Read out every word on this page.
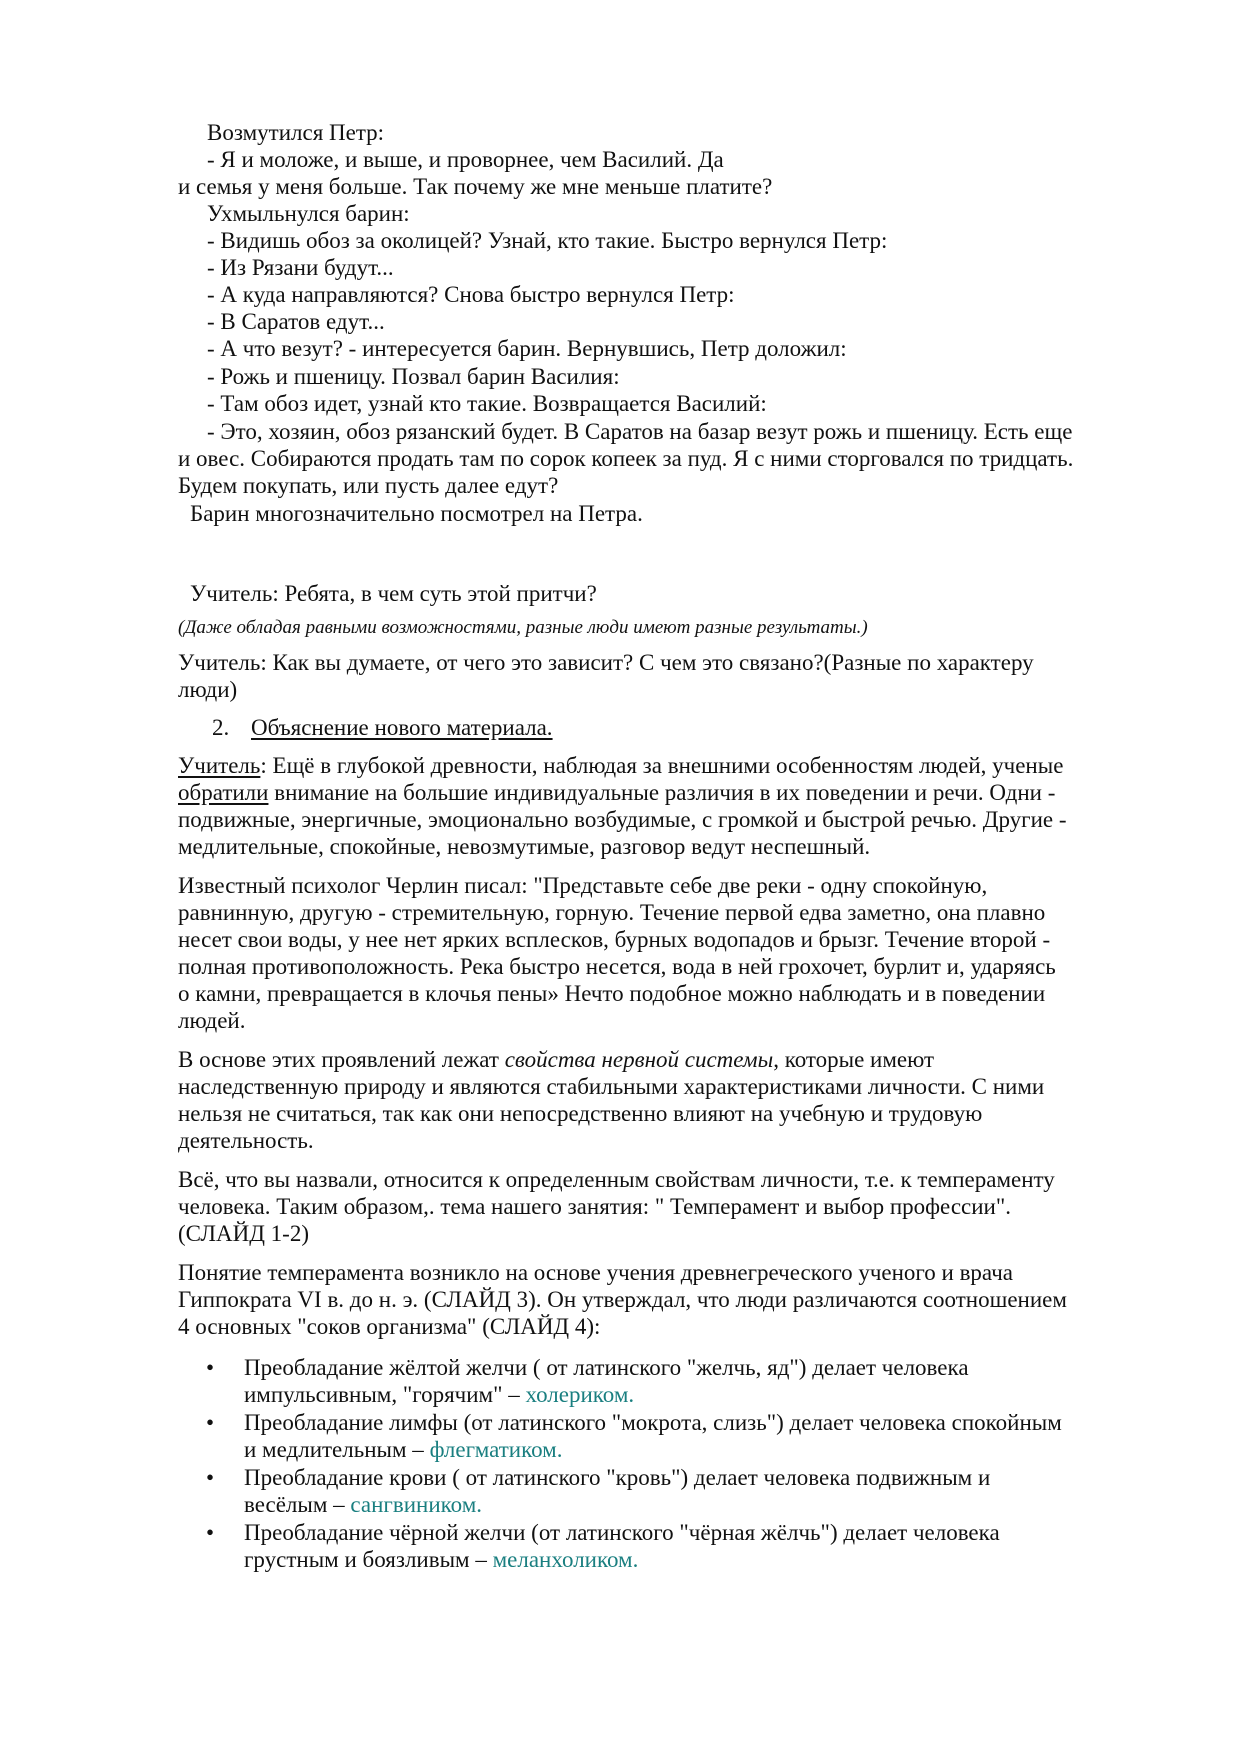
Возмутился Петр:
- Я и моложе, и выше, и проворнее, чем Василий. Да
и семья у меня больше. Так почему же мне меньше платите?
Ухмыльнулся барин:
- Видишь обоз за околицей? Узнай, кто такие. Быстро вернулся Петр:
- Из Рязани будут...
- А куда направляются? Снова быстро вернулся Петр:
- В Саратов едут...
- А что везут? - интересуется барин. Вернувшись, Петр доложил:
- Рожь и пшеницу. Позвал барин Василия:
- Там обоз идет, узнай кто такие. Возвращается Василий:
- Это, хозяин, обоз рязанский будет. В Саратов на базар везут рожь и пшеницу. Есть еще
и овес. Собираются продать там по сорок копеек за пуд. Я с ними сторговался по тридцать.
Будем покупать, или пусть далее едут?
Барин многозначительно посмотрел на Петра.
Учитель: Ребята, в чем суть этой притчи?
(Даже обладая равными возможностями, разные люди имеют разные результаты.)
Учитель: Как вы думаете, от чего это зависит? С чем это связано?(Разные по характеру
люди)
2. Объяснение нового материала.
Учитель: Ещё в глубокой древности, наблюдая за внешними особенностям людей, ученые
обратили внимание на большие индивидуальные различия в их поведении и речи. Одни -
подвижные, энергичные, эмоционально возбудимые, с громкой и быстрой речью. Другие -
медлительные, спокойные, невозмутимые, разговор ведут неспешный.
Известный психолог Черлин писал: "Представьте себе две реки - одну спокойную,
равнинную, другую - стремительную, горную. Течение первой едва заметно, она плавно
несет свои воды, у нее нет ярких всплесков, бурных водопадов и брызг. Течение второй -
полная противоположность. Река быстро несется, вода в ней грохочет, бурлит и, ударяясь
о камни, превращается в клочья пены» Нечто подобное можно наблюдать и в поведении
людей.
В основе этих проявлений лежат свойства нервной системы, которые имеют
наследственную природу и являются стабильными характеристиками личности. С ними
нельзя не считаться, так как они непосредственно влияют на учебную и трудовую
деятельность.
Всё, что вы назвали, относится к определенным свойствам личности, т.е. к темпераменту
человека. Таким образом,. тема нашего занятия: " Темперамент и выбор профессии".
(СЛАЙД 1-2)
Понятие темперамента возникло на основе учения древнегреческого ученого и врача
Гиппократа VI в. до н. э. (СЛАЙД 3). Он утверждал, что люди различаются соотношением
4 основных "соков организма" (СЛАЙД 4):
• Преобладание жёлтой желчи ( от латинского "желчь, яд") делает человека
импульсивным, "горячим" – холериком.
• Преобладание лимфы (от латинского "мокрота, слизь") делает человека спокойным
и медлительным – флегматиком.
• Преобладание крови ( от латинского "кровь") делает человека подвижным и
весёлым – сангвиником.
• Преобладание чёрной желчи (от латинского "чёрная жёлчь") делает человека
грустным и боязливым – меланхоликом.
